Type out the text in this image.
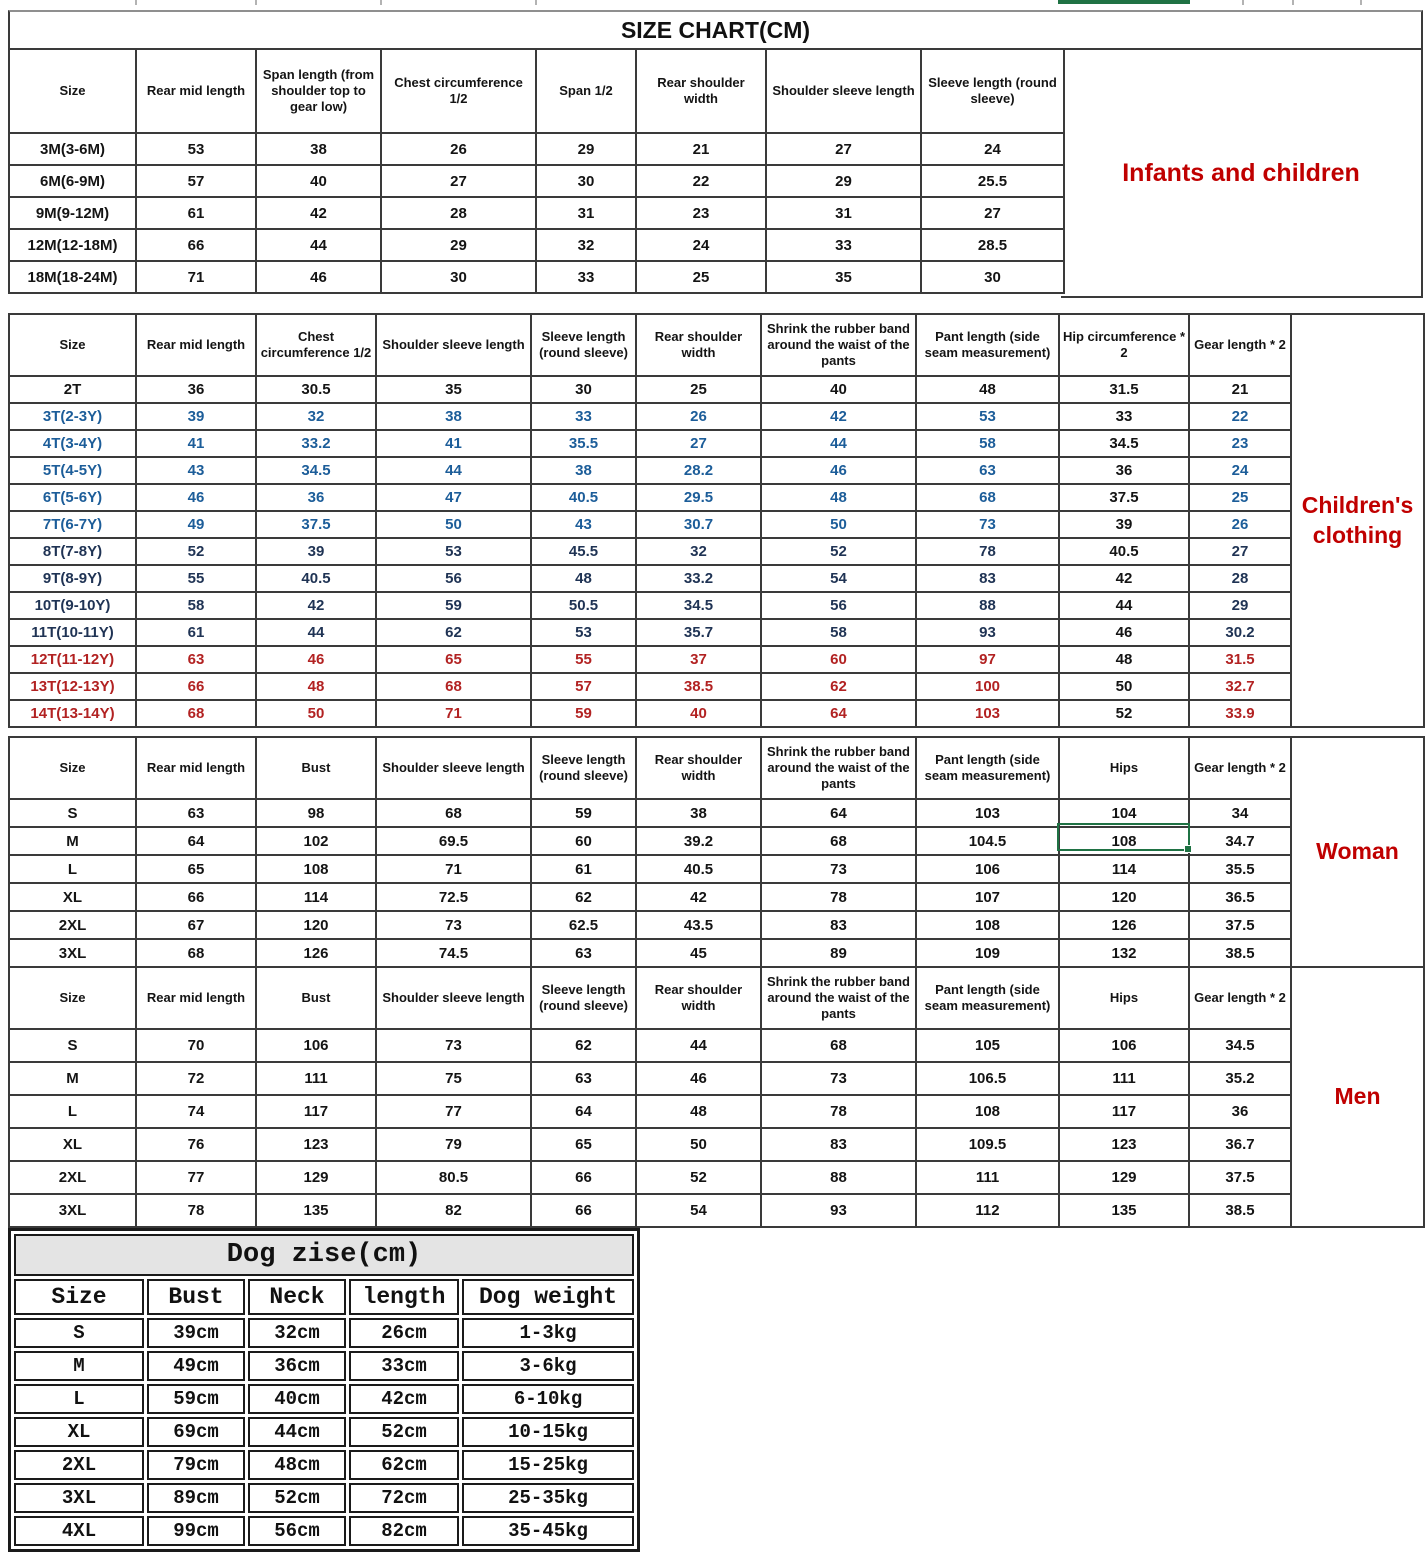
SIZE CHART(CM)
Size	Rear mid length	Span length (from shoulder top to gear low)	Chest circumference 1/2	Span 1/2	Rear shoulder width	Shoulder sleeve length	Sleeve length (round sleeve)
3M(3-6M)	53	38	26	29	21	27	24
6M(6-9M)	57	40	27	30	22	29	25.5
9M(9-12M)	61	42	28	31	23	31	27
12M(12-18M)	66	44	29	32	24	33	28.5
18M(18-24M)	71	46	30	33	25	35	30
Infants and children
Size	Rear mid length	Chest circumference 1/2	Shoulder sleeve length	Sleeve length (round sleeve)	Rear shoulder width	Shrink the rubber band around the waist of the pants	Pant length (side seam measurement)	Hip circumference * 2	Gear length * 2	Children's clothing
2T	36	30.5	35	30	25	40	48	31.5	21	
3T(2-3Y)	39	32	38	33	26	42	53	33	22	
4T(3-4Y)	41	33.2	41	35.5	27	44	58	34.5	23	
5T(4-5Y)	43	34.5	44	38	28.2	46	63	36	24	
6T(5-6Y)	46	36	47	40.5	29.5	48	68	37.5	25	
7T(6-7Y)	49	37.5	50	43	30.7	50	73	39	26	
8T(7-8Y)	52	39	53	45.5	32	52	78	40.5	27	
9T(8-9Y)	55	40.5	56	48	33.2	54	83	42	28	
10T(9-10Y)	58	42	59	50.5	34.5	56	88	44	29	
11T(10-11Y)	61	44	62	53	35.7	58	93	46	30.2	
12T(11-12Y)	63	46	65	55	37	60	97	48	31.5	
13T(12-13Y)	66	48	68	57	38.5	62	100	50	32.7	
14T(13-14Y)	68	50	71	59	40	64	103	52	33.9	
Size	Rear mid length	Bust	Shoulder sleeve length	Sleeve length (round sleeve)	Rear shoulder width	Shrink the rubber band around the waist of the pants	Pant length (side seam measurement)	Hips	Gear length * 2	Woman
S	63	98	68	59	38	64	103	104	34	
M	64	102	69.5	60	39.2	68	104.5	108	34.7	
L	65	108	71	61	40.5	73	106	114	35.5	
XL	66	114	72.5	62	42	78	107	120	36.5	
2XL	67	120	73	62.5	43.5	83	108	126	37.5	
3XL	68	126	74.5	63	45	89	109	132	38.5	
Size	Rear mid length	Bust	Shoulder sleeve length	Sleeve length (round sleeve)	Rear shoulder width	Shrink the rubber band around the waist of the pants	Pant length (side seam measurement)	Hips	Gear length * 2	Men
S	70	106	73	62	44	68	105	106	34.5	
M	72	111	75	63	46	73	106.5	111	35.2	
L	74	117	77	64	48	78	108	117	36	
XL	76	123	79	65	50	83	109.5	123	36.7	
2XL	77	129	80.5	66	52	88	111	129	37.5	
3XL	78	135	82	66	54	93	112	135	38.5	
Dog zise(cm)				
Size	Bust	Neck	length	Dog weight
S	39cm	32cm	26cm	1-3kg
M	49cm	36cm	33cm	3-6kg
L	59cm	40cm	42cm	6-10kg
XL	69cm	44cm	52cm	10-15kg
2XL	79cm	48cm	62cm	15-25kg
3XL	89cm	52cm	72cm	25-35kg
4XL	99cm	56cm	82cm	35-45kg
